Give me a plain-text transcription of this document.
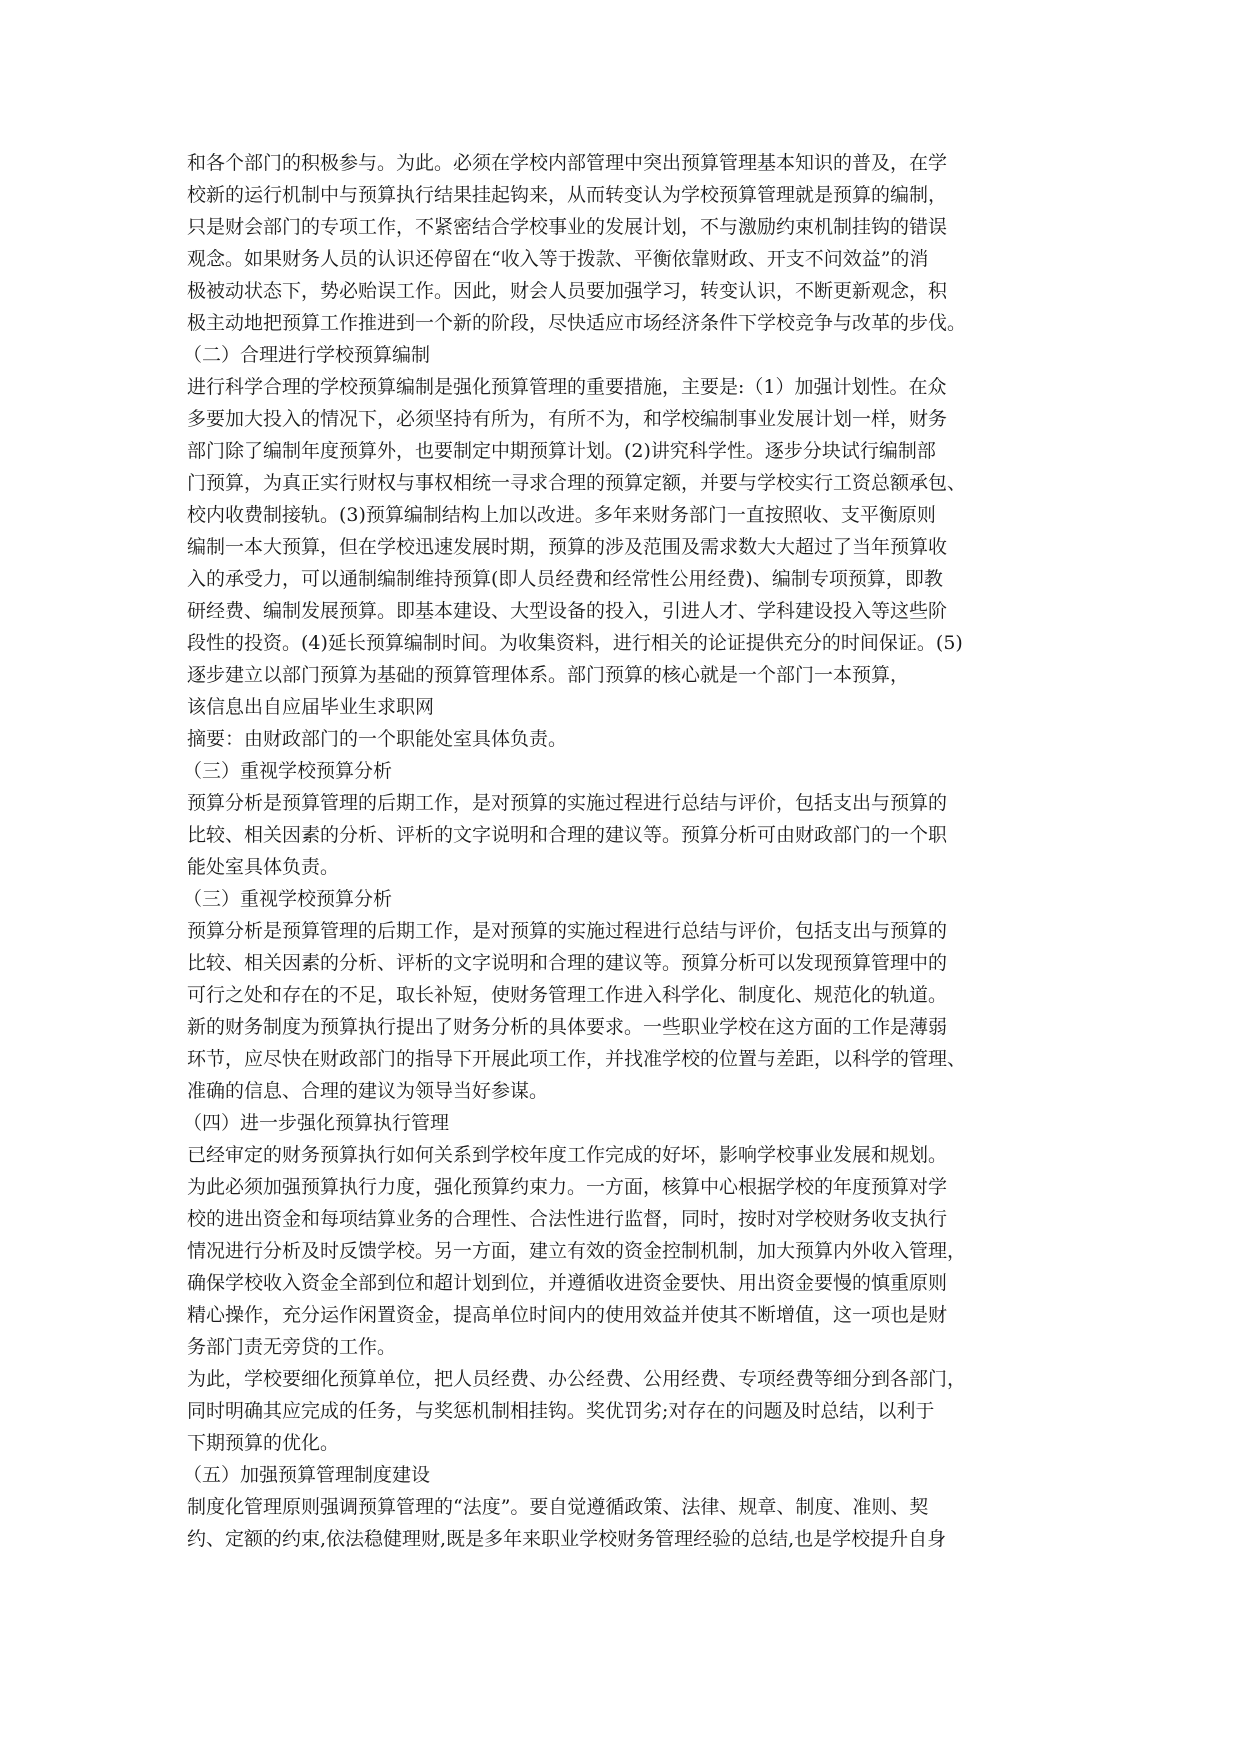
和各个部门的积极参与。为此。必须在学校内部管理中突出预算管理基本知识的普及，在学
校新的运行机制中与预算执行结果挂起钩来，从而转变认为学校预算管理就是预算的编制，
只是财会部门的专项工作，不紧密结合学校事业的发展计划，不与激励约束机制挂钩的错误
观念。如果财务人员的认识还停留在“收入等于拨款、平衡依靠财政、开支不问效益”的消
极被动状态下，势必贻误工作。因此，财会人员要加强学习，转变认识，不断更新观念，积
极主动地把预算工作推进到一个新的阶段，尽快适应市场经济条件下学校竞争与改革的步伐。
（二）合理进行学校预算编制
进行科学合理的学校预算编制是强化预算管理的重要措施，主要是:（1）加强计划性。在众
多要加大投入的情况下，必须坚持有所为，有所不为，和学校编制事业发展计划一样，财务
部门除了编制年度预算外，也要制定中期预算计划。(2)讲究科学性。逐步分块试行编制部
门预算，为真正实行财权与事权相统一寻求合理的预算定额，并要与学校实行工资总额承包、
校内收费制接轨。(3)预算编制结构上加以改进。多年来财务部门一直按照收、支平衡原则
编制一本大预算，但在学校迅速发展时期，预算的涉及范围及需求数大大超过了当年预算收
入的承受力，可以通制编制维持预算(即人员经费和经常性公用经费)、编制专项预算，即教
研经费、编制发展预算。即基本建设、大型设备的投入，引进人才、学科建设投入等这些阶
段性的投资。(4)延长预算编制时间。为收集资料，进行相关的论证提供充分的时间保证。(5)
逐步建立以部门预算为基础的预算管理体系。部门预算的核心就是一个部门一本预算，
该信息出自应届毕业生求职网
摘要：由财政部门的一个职能处室具体负责。
（三）重视学校预算分析
预算分析是预算管理的后期工作，是对预算的实施过程进行总结与评价，包括支出与预算的
比较、相关因素的分析、评析的文字说明和合理的建议等。预算分析可由财政部门的一个职
能处室具体负责。
（三）重视学校预算分析
预算分析是预算管理的后期工作，是对预算的实施过程进行总结与评价，包括支出与预算的
比较、相关因素的分析、评析的文字说明和合理的建议等。预算分析可以发现预算管理中的
可行之处和存在的不足，取长补短，使财务管理工作进入科学化、制度化、规范化的轨道。
新的财务制度为预算执行提出了财务分析的具体要求。一些职业学校在这方面的工作是薄弱
环节，应尽快在财政部门的指导下开展此项工作，并找准学校的位置与差距，以科学的管理、
准确的信息、合理的建议为领导当好参谋。
（四）进一步强化预算执行管理
已经审定的财务预算执行如何关系到学校年度工作完成的好坏，影响学校事业发展和规划。
为此必须加强预算执行力度，强化预算约束力。一方面，核算中心根据学校的年度预算对学
校的进出资金和每项结算业务的合理性、合法性进行监督，同时，按时对学校财务收支执行
情况进行分析及时反馈学校。另一方面，建立有效的资金控制机制，加大预算内外收入管理，
确保学校收入资金全部到位和超计划到位，并遵循收进资金要快、用出资金要慢的慎重原则
精心操作，充分运作闲置资金，提高单位时间内的使用效益并使其不断增值，这一项也是财
务部门责无旁贷的工作。
为此，学校要细化预算单位，把人员经费、办公经费、公用经费、专项经费等细分到各部门，
同时明确其应完成的任务，与奖惩机制相挂钩。奖优罚劣;对存在的问题及时总结，以利于
下期预算的优化。
（五）加强预算管理制度建设
制度化管理原则强调预算管理的“法度”。要自觉遵循政策、法律、规章、制度、准则、契
约、定额的约束,依法稳健理财,既是多年来职业学校财务管理经验的总结,也是学校提升自身
